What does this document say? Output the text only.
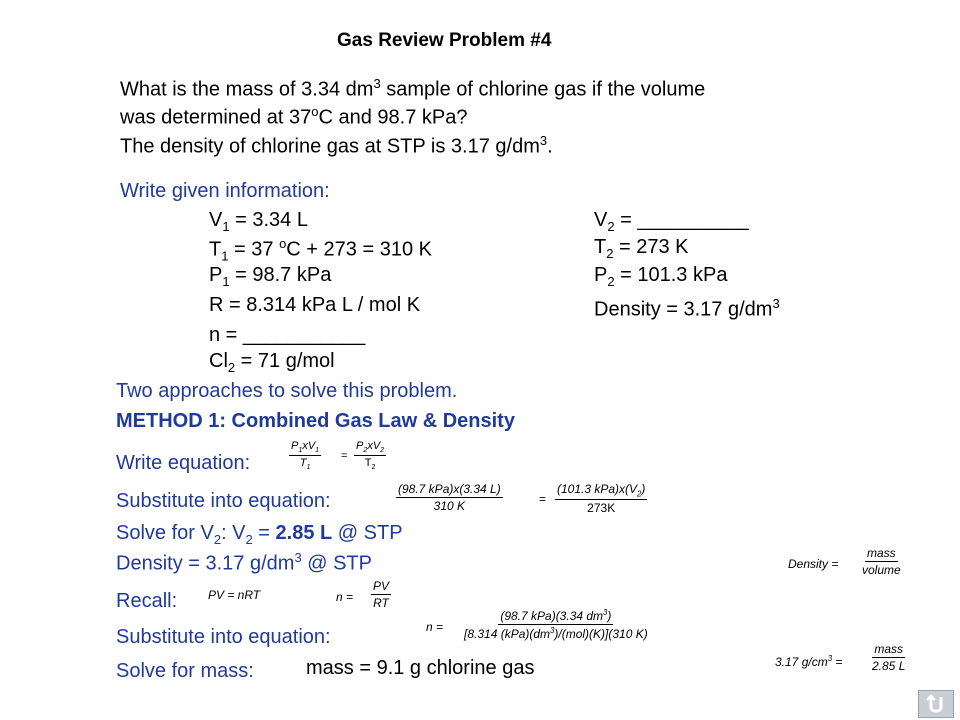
Gas Review Problem #4
What is the mass of 3.34 $dm^3$ sample of chlorine gas if the volume
was determined at 37$^o$C and 98.7 kPa?
The density of chlorine gas at STP is 3.17 $g/dm^3$.
Write given information:
$V_1 = 3.34$ L
$T_1 = 37$ $^o$C + 273 = 310 K
$P_1 = 98.7$ kPa
R = 8.314 kPa L / mol K
n = ___________
$Cl_2 = 71$ g/mol
$V_2$ = __________
$T_2 = 273$ K
$P_2 = 101.3$ kPa
Density = 3.17 $g/dm^3$
Two approaches to solve this problem.
METHOD 1: Combined Gas Law & Density
Write equation:	$\frac{P_1xV_1}{T_1} = \frac{P_2xV_2}{T_2}$
Substitute into equation:
(98.7 kPa)x(3.34 L)
310 K	=
(101.3 $kPa)x(V_2)$
273K
Solve for $V_2$: $V_2 = 2.85$ L @ STP
Density = 3.17 $g/dm^3$ @ STP	Density =
mass
volume
Recall:	PV = nRT	$n = \frac{PV}{RT}$
Substitute into equation:	n =
(98.7 kPa)(3.34 $dm^3$)
[8.314 $(kPa)(dm^3)/(mol)(K)](310$ K)
Solve for mass:	mass = 9.1 g chlorine gas	3.17 $g/cm^3$ =
mass
2.85 L
